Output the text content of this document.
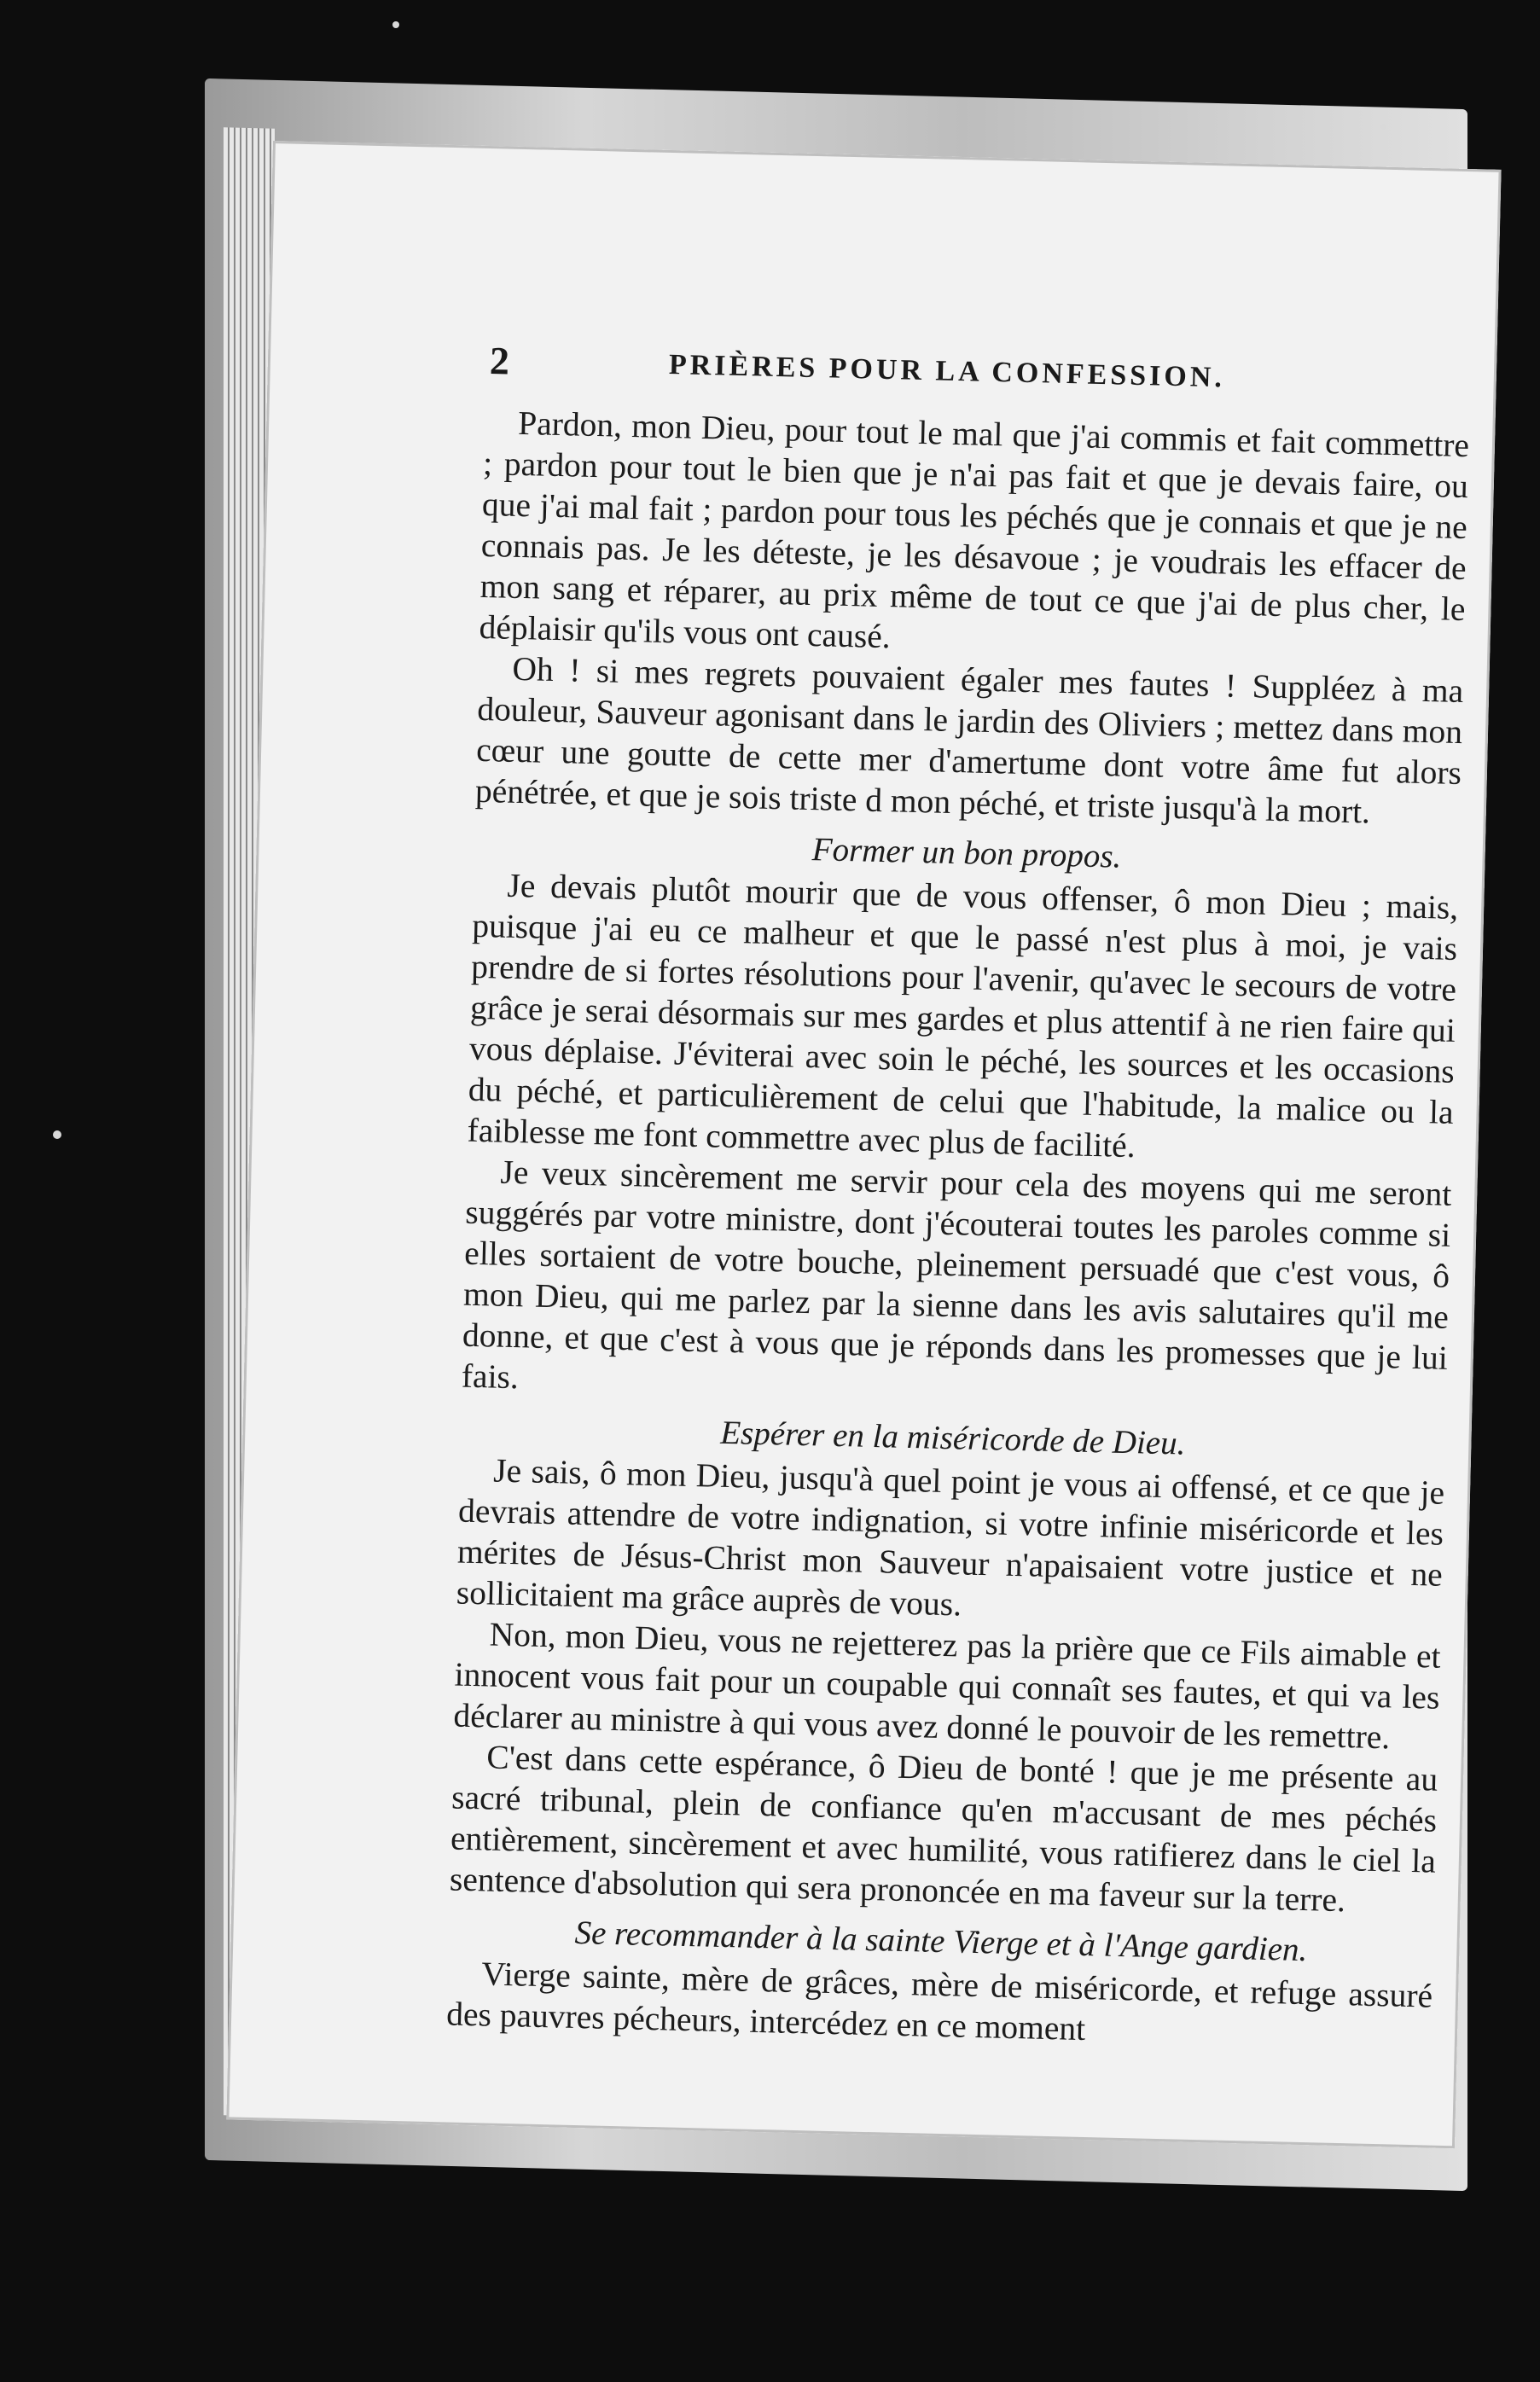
2	PRIÈRES POUR LA CONFESSION.

Pardon, mon Dieu, pour tout le mal que j'ai commis et fait commettre ; pardon pour tout le bien que je n'ai pas fait et que je devais faire, ou que j'ai mal fait ; pardon pour tous les péchés que je connais et que je ne connais pas. Je les déteste, je les désavoue ; je voudrais les effacer de mon sang et réparer, au prix même de tout ce que j'ai de plus cher, le déplaisir qu'ils vous ont causé.

Oh ! si mes regrets pouvaient égaler mes fautes ! Suppléez à ma douleur, Sauveur agonisant dans le jardin des Oliviers ; mettez dans mon cœur une goutte de cette mer d'amertume dont votre âme fut alors pénétrée, et que je sois triste d mon péché, et triste jusqu'à la mort.

Former un bon propos.

Je devais plutôt mourir que de vous offenser, ô mon Dieu ; mais, puisque j'ai eu ce malheur et que le passé n'est plus à moi, je vais prendre de si fortes résolutions pour l'avenir, qu'avec le secours de votre grâce je serai désormais sur mes gardes et plus attentif à ne rien faire qui vous déplaise. J'éviterai avec soin le péché, les sources et les occasions du péché, et particulièrement de celui que l'habitude, la malice ou la faiblesse me font commettre avec plus de facilité.

Je veux sincèrement me servir pour cela des moyens qui me seront suggérés par votre ministre, dont j'écouterai toutes les paroles comme si elles sortaient de votre bouche, pleinement persuadé que c'est vous, ô mon Dieu, qui me parlez par la sienne dans les avis salutaires qu'il me donne, et que c'est à vous que je réponds dans les promesses que je lui fais.

Espérer en la miséricorde de Dieu.

Je sais, ô mon Dieu, jusqu'à quel point je vous ai offensé, et ce que je devrais attendre de votre indignation, si votre infinie miséricorde et les mérites de Jésus-Christ mon Sauveur n'apaisaient votre justice et ne sollicitaient ma grâce auprès de vous.

Non, mon Dieu, vous ne rejetterez pas la prière que ce Fils aimable et innocent vous fait pour un coupable qui connaît ses fautes, et qui va les déclarer au ministre à qui vous avez donné le pouvoir de les remettre.

C'est dans cette espérance, ô Dieu de bonté ! que je me présente au sacré tribunal, plein de confiance qu'en m'accusant de mes péchés entièrement, sincèrement et avec humilité, vous ratifierez dans le ciel la sentence d'absolution qui sera prononcée en ma faveur sur la terre.

Se recommander à la sainte Vierge et à l'Ange gardien.

Vierge sainte, mère de grâces, mère de miséricorde, et refuge assuré des pauvres pécheurs, intercédez en ce moment
